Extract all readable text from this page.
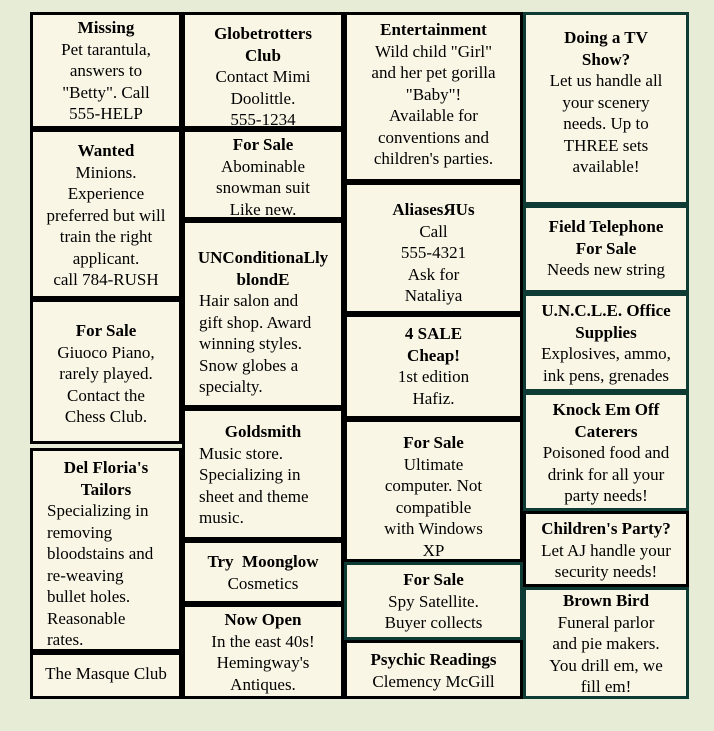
Missing
Pet tarantula,
answers to
"Betty". Call
555-HELP
Wanted
Minions.
Experience
preferred but will
train the right
applicant.
call 784-RUSH
For Sale
Giuoco Piano,
rarely played.
Contact the
Chess Club.
Del Floria's
Tailors
Specializing in
removing
bloodstains and
re-weaving
bullet holes.
Reasonable
rates.
The Masque Club
Globetrotters
Club
Contact Mimi
Doolittle.
555-1234
For Sale
Abominable
snowman suit
Like new.
UNConditionaLly
blondE
Hair salon and
gift shop. Award
winning styles.
Snow globes a
specialty.
Goldsmith
Music store.
Specializing in
sheet and theme
music.
Try  Moonglow
Cosmetics
Now Open
In the east 40s!
Hemingway's
Antiques.
Entertainment
Wild child "Girl"
and her pet gorilla
"Baby"!
Available for
conventions and
children's parties.
AliasesЯUs
Call
555-4321
Ask for
Nataliya
4 SALE
Cheap!
1st edition
Hafiz.
For Sale
Ultimate
computer. Not
compatible
with Windows
XP
For Sale
Spy Satellite.
Buyer collects
Psychic Readings
Clemency McGill
Doing a TV
Show?
Let us handle all
your scenery
needs. Up to
THREE sets
available!
Field Telephone
For Sale
Needs new string
U.N.C.L.E. Office
Supplies
Explosives, ammo,
ink pens, grenades
Knock Em Off
Caterers
Poisoned food and
drink for all your
party needs!
Children's Party?
Let AJ handle your
security needs!
Brown Bird
Funeral parlor
and pie makers.
You drill em, we
fill em!
